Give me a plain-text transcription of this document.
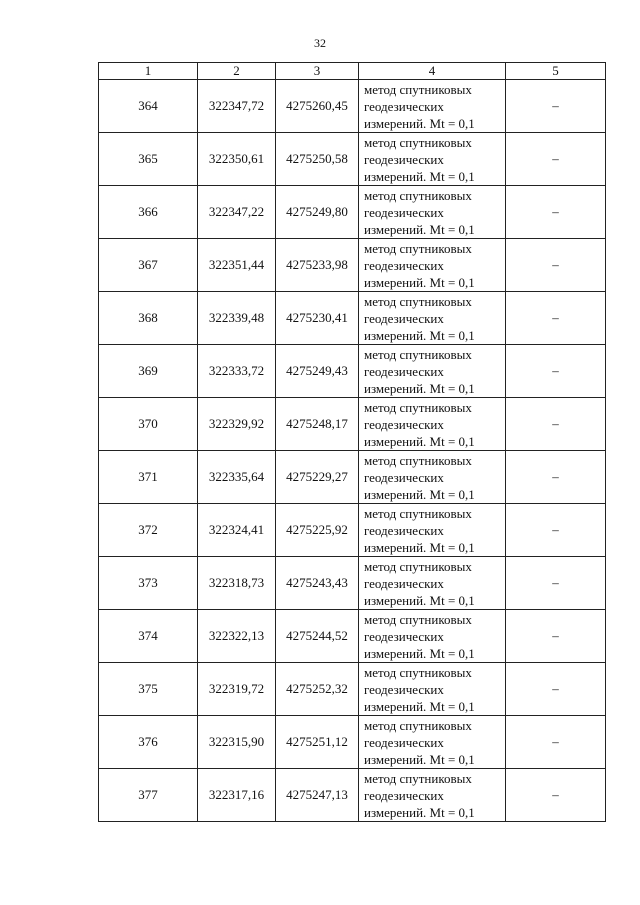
32
1	2	3	4	5
364	322347,72	4275260,45	метод спутниковых
геодезических
измерений. Mt = 0,1	–
365	322350,61	4275250,58	метод спутниковых
геодезических
измерений. Mt = 0,1	–
366	322347,22	4275249,80	метод спутниковых
геодезических
измерений. Mt = 0,1	–
367	322351,44	4275233,98	метод спутниковых
геодезических
измерений. Mt = 0,1	–
368	322339,48	4275230,41	метод спутниковых
геодезических
измерений. Mt = 0,1	–
369	322333,72	4275249,43	метод спутниковых
геодезических
измерений. Mt = 0,1	–
370	322329,92	4275248,17	метод спутниковых
геодезических
измерений. Mt = 0,1	–
371	322335,64	4275229,27	метод спутниковых
геодезических
измерений. Mt = 0,1	–
372	322324,41	4275225,92	метод спутниковых
геодезических
измерений. Mt = 0,1	–
373	322318,73	4275243,43	метод спутниковых
геодезических
измерений. Mt = 0,1	–
374	322322,13	4275244,52	метод спутниковых
геодезических
измерений. Mt = 0,1	–
375	322319,72	4275252,32	метод спутниковых
геодезических
измерений. Mt = 0,1	–
376	322315,90	4275251,12	метод спутниковых
геодезических
измерений. Mt = 0,1	–
377	322317,16	4275247,13	метод спутниковых
геодезических
измерений. Mt = 0,1	–
